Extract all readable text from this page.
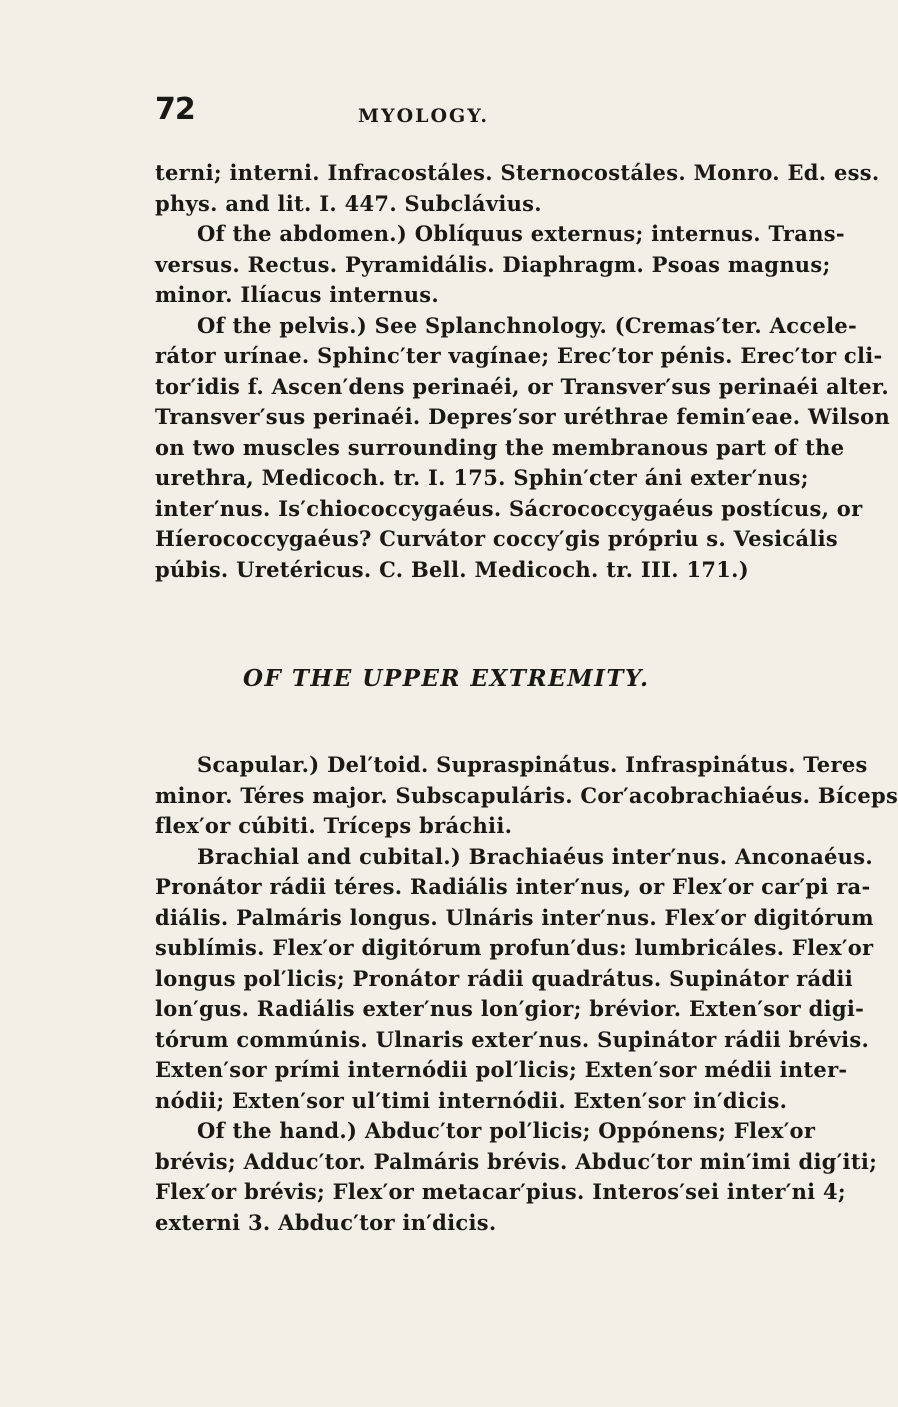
72	MYOLOGY.
terni; interni. Infracostáles. Sternocostáles. Monro. Ed. ess.
phys. and lit. I. 447. Subclávius.
Of the abdomen.) Oblíquus externus; internus. Trans-
versus. Rectus. Pyramidális. Diaphragm. Psoas magnus;
minor. Ilíacus internus.
Of the pelvis.) See Splanchnology. (Cremas′ter. Accele-
rátor urínae. Sphinc′ter vagínae; Erec′tor pénis. Erec′tor cli-
tor′idis f. Ascen′dens perinaéi, or Transver′sus perinaéi alter.
Transver′sus perinaéi. Depres′sor uréthrae femin′eae. Wilson
on two muscles surrounding the membranous part of the
urethra, Medicoch. tr. I. 175. Sphin′cter áni exter′nus;
inter′nus. Is′chiococcygaéus. Sácrococcygaéus postícus, or
Híerococcygaéus? Curvátor coccy′gis própriu s. Vesicális
púbis. Uretéricus. C. Bell. Medicoch. tr. III. 171.)
OF THE UPPER EXTREMITY.
Scapular.) Del′toid. Supraspinátus. Infraspinátus. Teres
minor. Téres major. Subscapuláris. Cor′acobrachiaéus. Bíceps
flex′or cúbiti. Tríceps bráchii.
Brachial and cubital.) Brachiaéus inter′nus. Anconaéus.
Pronátor rádii téres. Radiális inter′nus, or Flex′or car′pi ra-
diális. Palmáris longus. Ulnáris inter′nus. Flex′or digitórum
sublímis. Flex′or digitórum profun′dus: lumbricáles. Flex′or
longus pol′licis; Pronátor rádii quadrátus. Supinátor rádii
lon′gus. Radiális exter′nus lon′gior; brévior. Exten′sor digi-
tórum commúnis. Ulnaris exter′nus. Supinátor rádii brévis.
Exten′sor prími internódii pol′licis; Exten′sor médii inter-
nódii; Exten′sor ul′timi internódii. Exten′sor in′dicis.
Of the hand.) Abduc′tor pol′licis; Oppónens; Flex′or
brévis; Adduc′tor. Palmáris brévis. Abduc′tor min′imi dig′iti;
Flex′or brévis; Flex′or metacar′pius. Interos′sei inter′ni 4;
externi 3. Abduc′tor in′dicis.
